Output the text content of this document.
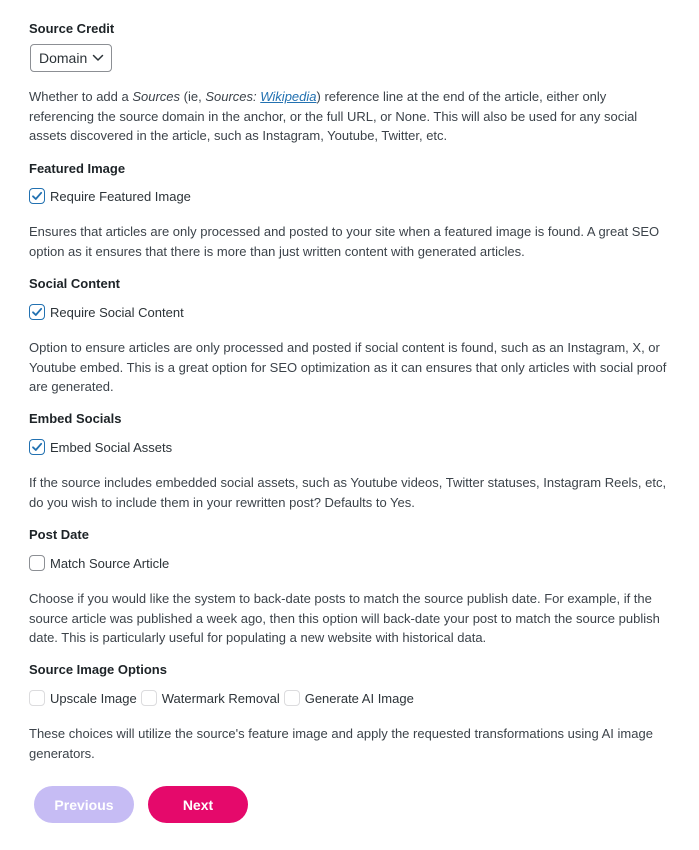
Source Credit
Domain
Whether to add a Sources (ie, Sources: Wikipedia) reference line at the end of the article, either only referencing the source domain in the anchor, or the full URL, or None. This will also be used for any social assets discovered in the article, such as Instagram, Youtube, Twitter, etc.
Featured Image
Require Featured Image
Ensures that articles are only processed and posted to your site when a featured image is found. A great SEO option as it ensures that there is more than just written content with generated articles.
Social Content
Require Social Content
Option to ensure articles are only processed and posted if social content is found, such as an Instagram, X, or Youtube embed. This is a great option for SEO optimization as it can ensures that only articles with social proof are generated.
Embed Socials
Embed Social Assets
If the source includes embedded social assets, such as Youtube videos, Twitter statuses, Instagram Reels, etc, do you wish to include them in your rewritten post? Defaults to Yes.
Post Date
Match Source Article
Choose if you would like the system to back-date posts to match the source publish date. For example, if the source article was published a week ago, then this option will back-date your post to match the source publish date. This is particularly useful for populating a new website with historical data.
Source Image Options
Upscale Image Watermark Removal Generate AI Image
These choices will utilize the source's feature image and apply the requested transformations using AI image generators.
Previous	Next
